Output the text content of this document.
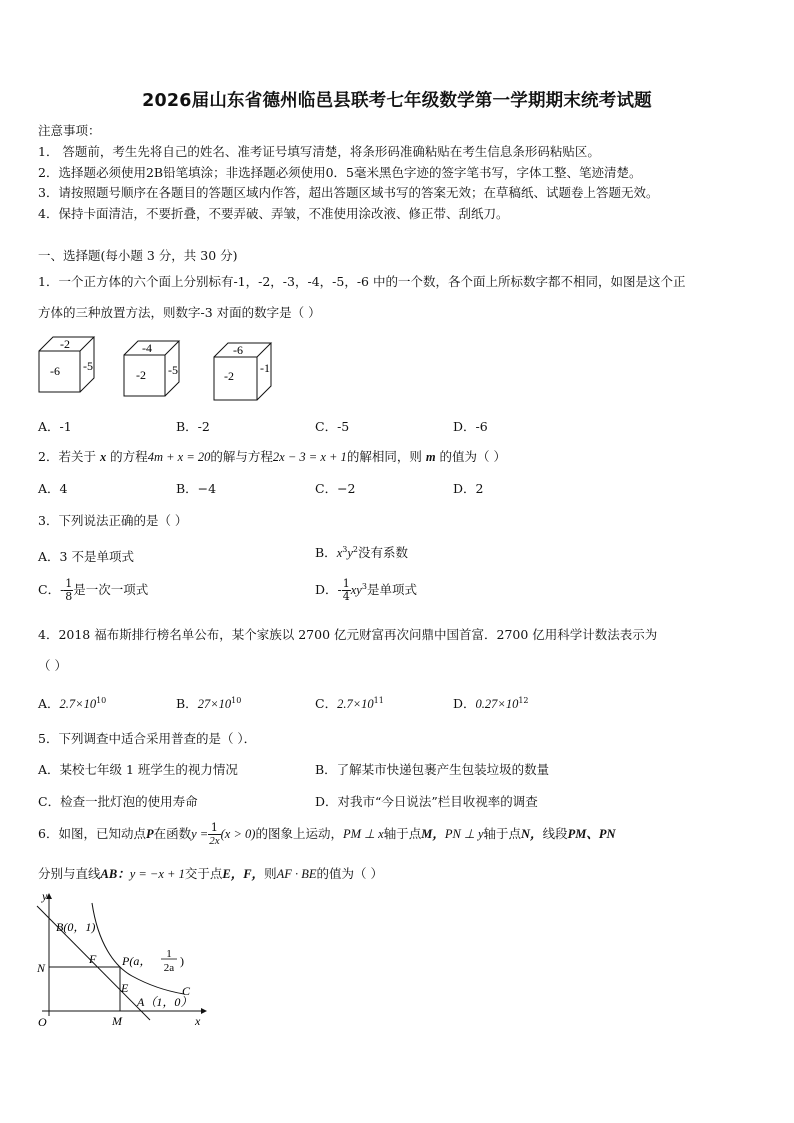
2026届山东省德州临邑县联考七年级数学第一学期期末统考试题
注意事项：
1． 答题前，考生先将自己的姓名、准考证号填写清楚，将条形码准确粘贴在考生信息条形码粘贴区。
2．选择题必须使用2B铅笔填涂；非选择题必须使用0．5毫米黑色字迹的签字笔书写，字体工整、笔迹清楚。
3．请按照题号顺序在各题目的答题区域内作答，超出答题区域书写的答案无效；在草稿纸、试题卷上答题无效。
4．保持卡面清洁，不要折叠，不要弄破、弄皱，不准使用涂改液、修正带、刮纸刀。
一、选择题(每小题 3 分，共 30 分)
1．一个正方体的六个面上分别标有-1，-2，-3，-4，-5，-6 中的一个数，各个面上所标数字都不相同，如图是这个正
方体的三种放置方法，则数字-3 对面的数字是（ ）
-2
-6 -5
-4
-2 -5
-6
-2
-1
A．-1	B．-2	C．-5	D．-6
2．若关于 x 的方程4m + x = 20的解与方程2x − 3 = x + 1的解相同，则 m 的值为（ ）
A．4	B．−4	C．−2	D．2
3．下列说法正确的是（ ）
A．3 不是单项式	B．$x^3y^2$没有系数
C．- $\frac{1}{8}$ 是一次一项式	D．- $\frac{1}{4} xy^3$是单项式
4．2018 福布斯排行榜名单公布，某个家族以 2700 亿元财富再次问鼎中国首富．2700 亿用科学计数法表示为
（ ）
A．$2.7\times 10^{10}$	B．$27\times 10^{10}$	C．$2.7\times 10^{11}$	D．$0.27\times 10^{12}$
5．下列调查中适合采用普查的是（ ）．
A．某校七年级 1 班学生的视力情况	B．了解某市快递包裹产生包装垃圾的数量
C．检查一批灯泡的使用寿命	D．对我市“今日说法”栏目收视率的调查
6．如图，已知动点P在函数$y = \frac{1}{2x} (x > 0)$的图象上运动，PM ⊥ x轴于点M，PN ⊥ y轴于点N，线段PM、PN
分别与直线AB：y = −x + 1交于点E，F，则AF · BE的值为（ ）
y
x
O
B(0，1)
F P(a， 1
2a )
N
E	C
A（1，0）
M
